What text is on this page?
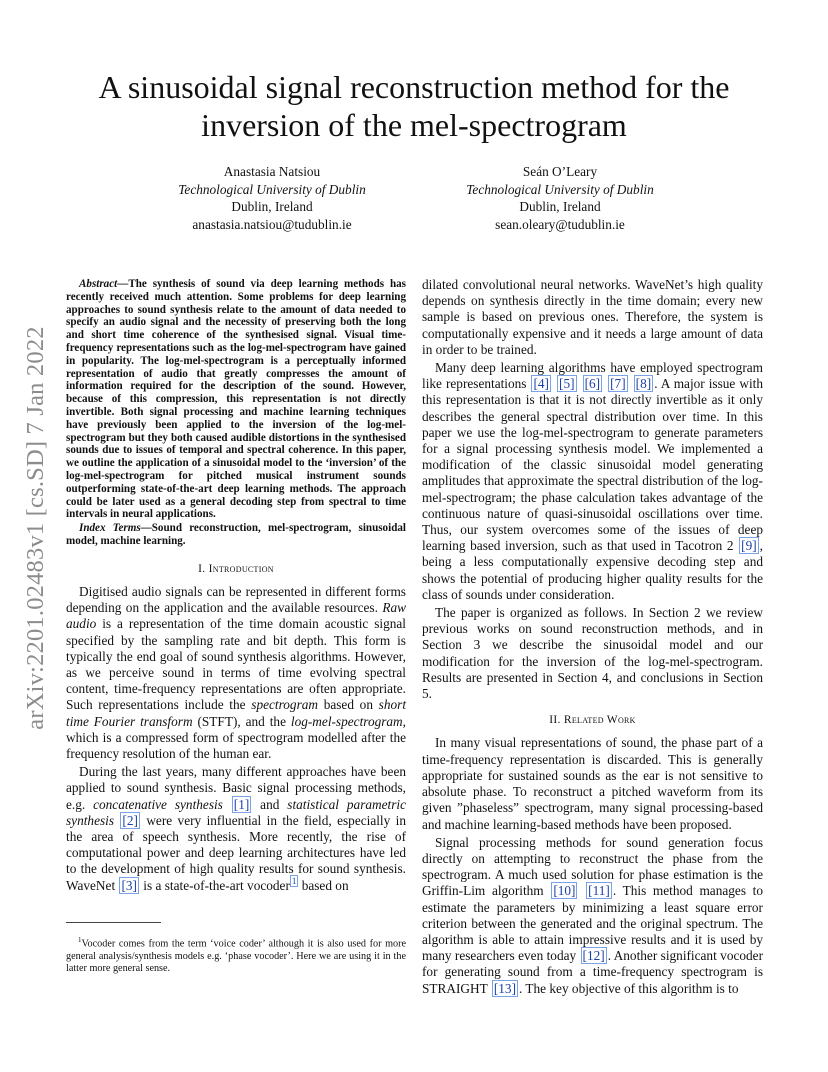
arXiv:2201.02483v1 [cs.SD] 7 Jan 2022
A sinusoidal signal reconstruction method for the inversion of the mel-spectrogram
Anastasia Natsiou
Technological University of Dublin
Dublin, Ireland
anastasia.natsiou@tudublin.ie
Seán O’Leary
Technological University of Dublin
Dublin, Ireland
sean.oleary@tudublin.ie

Abstract—The synthesis of sound via deep learning methods has recently received much attention. Some problems for deep learning approaches to sound synthesis relate to the amount of data needed to specify an audio signal and the necessity of preserving both the long and short time coherence of the synthesised signal. Visual time-frequency representations such as the log-mel-spectrogram have gained in popularity. The log-mel-spectrogram is a perceptually informed representation of audio that greatly compresses the amount of information required for the description of the sound. However, because of this compression, this representation is not directly invertible. Both signal processing and machine learning techniques have previously been applied to the inversion of the log-mel-spectrogram but they both caused audible distortions in the synthesised sounds due to issues of temporal and spectral coherence. In this paper, we outline the application of a sinusoidal model to the ‘inversion’ of the log-mel-spectrogram for pitched musical instrument sounds outperforming state-of-the-art deep learning methods. The approach could be later used as a general decoding step from spectral to time intervals in neural applications.

Index Terms—Sound reconstruction, mel-spectrogram, sinusoidal model, machine learning.

I. Introduction

Digitised audio signals can be represented in different forms depending on the application and the available resources. Raw audio is a representation of the time domain acoustic signal specified by the sampling rate and bit depth. This form is typically the end goal of sound synthesis algorithms. However, as we perceive sound in terms of time evolving spectral content, time-frequency representations are often appropriate. Such representations include the spectrogram based on short time Fourier transform (STFT), and the log-mel-spectrogram, which is a compressed form of spectrogram modelled after the frequency resolution of the human ear.

During the last years, many different approaches have been applied to sound synthesis. Basic signal processing methods, e.g. concatenative synthesis [1] and statistical parametric synthesis [2] were very influential in the field, especially in the area of speech synthesis. More recently, the rise of computational power and deep learning architectures have led to the development of high quality results for sound synthesis. WaveNet [3] is a state-of-the-art vocoder $^1$ based on

$^1$Vocoder comes from the term ‘voice coder’ although it is also used for more general analysis/synthesis models e.g. ‘phase vocoder’. Here we are using it in the latter more general sense.

dilated convolutional neural networks. WaveNet’s high quality depends on synthesis directly in the time domain; every new sample is based on previous ones. Therefore, the system is computationally expensive and it needs a large amount of data in order to be trained.

Many deep learning algorithms have employed spectrogram like representations [4] [5] [6] [7] [8] . A major issue with this representation is that it is not directly invertible as it only describes the general spectral distribution over time. In this paper we use the log-mel-spectrogram to generate parameters for a signal processing synthesis model. We implemented a modification of the classic sinusoidal model generating amplitudes that approximate the spectral distribution of the log-mel-spectrogram; the phase calculation takes advantage of the continuous nature of quasi-sinusoidal oscillations over time. Thus, our system overcomes some of the issues of deep learning based inversion, such as that used in Tacotron 2 [9] , being a less computationally expensive decoding step and shows the potential of producing higher quality results for the class of sounds under consideration.

The paper is organized as follows. In Section 2 we review previous works on sound reconstruction methods, and in Section 3 we describe the sinusoidal model and our modification for the inversion of the log-mel-spectrogram. Results are presented in Section 4, and conclusions in Section 5.

II. Related Work

In many visual representations of sound, the phase part of a time-frequency representation is discarded. This is generally appropriate for sustained sounds as the ear is not sensitive to absolute phase. To reconstruct a pitched waveform from its given ”phaseless” spectrogram, many signal processing-based and machine learning-based methods have been proposed.

Signal processing methods for sound generation focus directly on attempting to reconstruct the phase from the spectrogram. A much used solution for phase estimation is the Griffin-Lim algorithm [10] [11] . This method manages to estimate the parameters by minimizing a least square error criterion between the generated and the original spectrum. The algorithm is able to attain impressive results and it is used by many researchers even today [12] . Another significant vocoder for generating sound from a time-frequency spectrogram is STRAIGHT [13] . The key objective of this algorithm is to
